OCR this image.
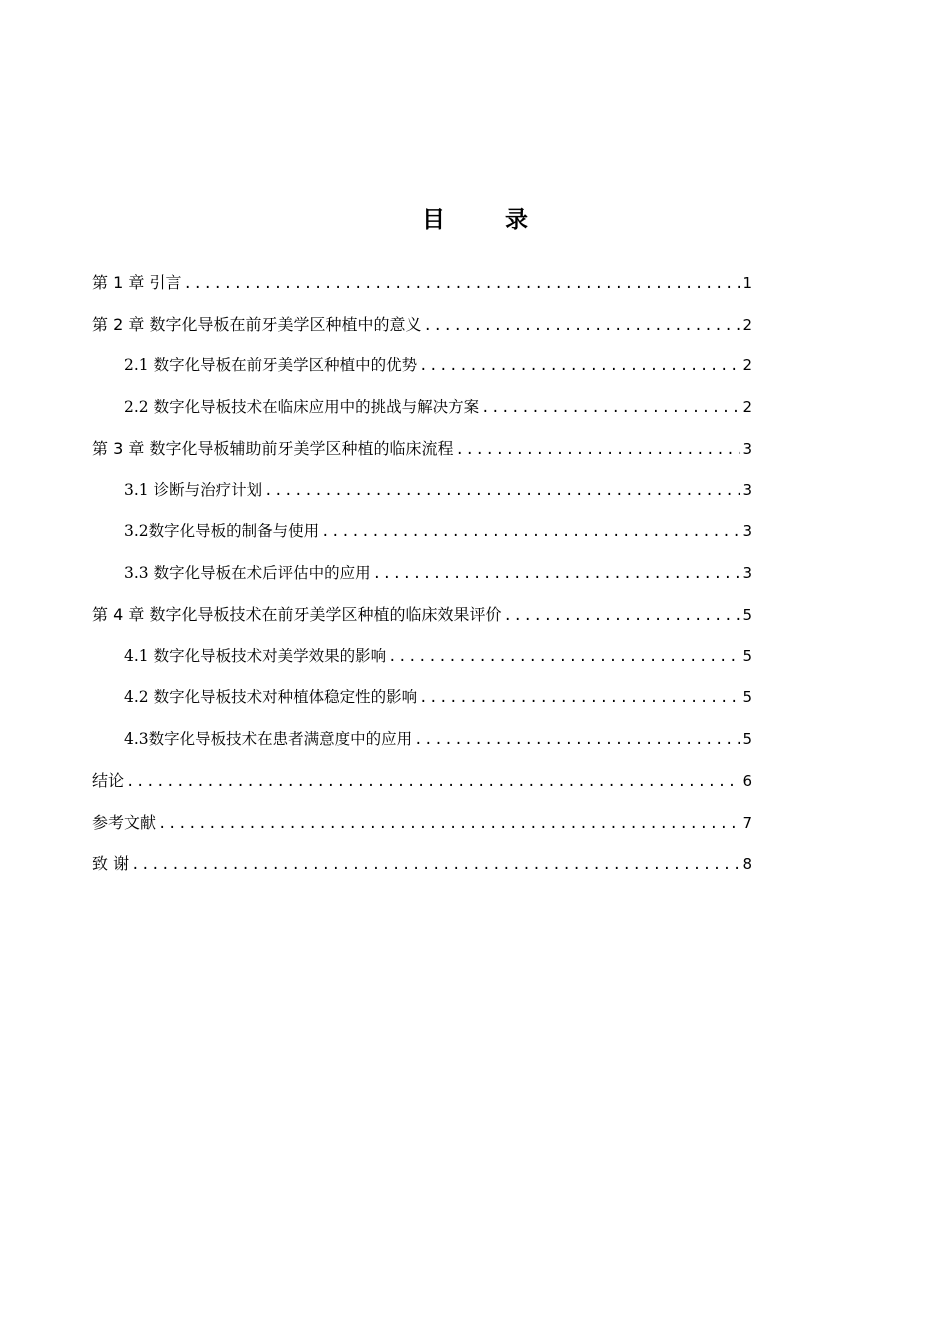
目 录
第 1 章 引言 .....	1
第 2 章 数字化导板在前牙美学区种植中的意义 .....	2
2.1 数字化导板在前牙美学区种植中的优势 .....	2
2.2 数字化导板技术在临床应用中的挑战与解决方案 .....	2
第 3 章 数字化导板辅助前牙美学区种植的临床流程 .....	3
3.1 诊断与治疗计划 .....	3
3.2数字化导板的制备与使用 .....	3
3.3 数字化导板在术后评估中的应用 .....	3
第 4 章 数字化导板技术在前牙美学区种植的临床效果评价 .....	5
4.1 数字化导板技术对美学效果的影响 .....	5
4.2 数字化导板技术对种植体稳定性的影响 .....	5
4.3数字化导板技术在患者满意度中的应用 .....	5
结论 .....	6
参考文献 .....	7
致 谢 .....	8
